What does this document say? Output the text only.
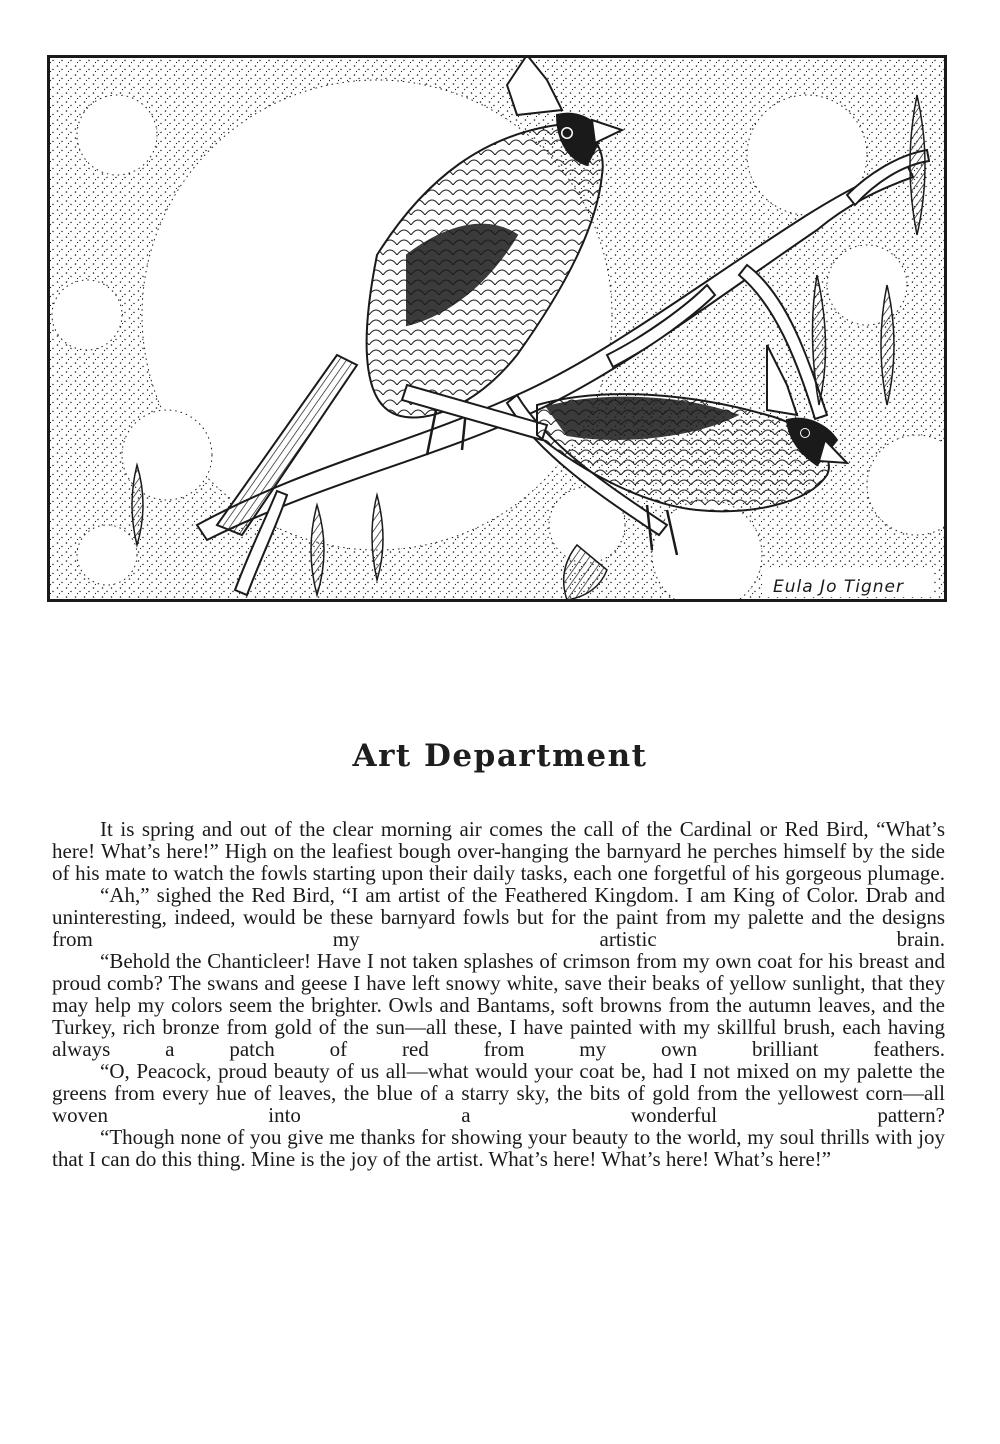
Eula Jo Tigner
Art Department

It is spring and out of the clear morning air comes the call of the Cardinal or Red Bird, “What’s here! What’s here!” High on the leafiest bough over-hanging the barnyard he perches himself by the side of his mate to watch the fowls starting upon their daily tasks, each one forgetful of his gorgeous plumage.

“Ah,” sighed the Red Bird, “I am artist of the Feathered Kingdom. I am King of Color. Drab and uninteresting, indeed, would be these barnyard fowls but for the paint from my palette and the designs from my artistic brain.

“Behold the Chanticleer! Have I not taken splashes of crimson from my own coat for his breast and proud comb? The swans and geese I have left snowy white, save their beaks of yellow sunlight, that they may help my colors seem the brighter. Owls and Bantams, soft browns from the autumn leaves, and the Turkey, rich bronze from gold of the sun—all these, I have painted with my skillful brush, each having always a patch of red from my own brilliant feathers.

“O, Peacock, proud beauty of us all—what would your coat be, had I not mixed on my palette the greens from every hue of leaves, the blue of a starry sky, the bits of gold from the yellowest corn—all woven into a wonderful pattern?

“Though none of you give me thanks for showing your beauty to the world, my soul thrills with joy that I can do this thing. Mine is the joy of the artist. What’s here! What’s here! What’s here!”
